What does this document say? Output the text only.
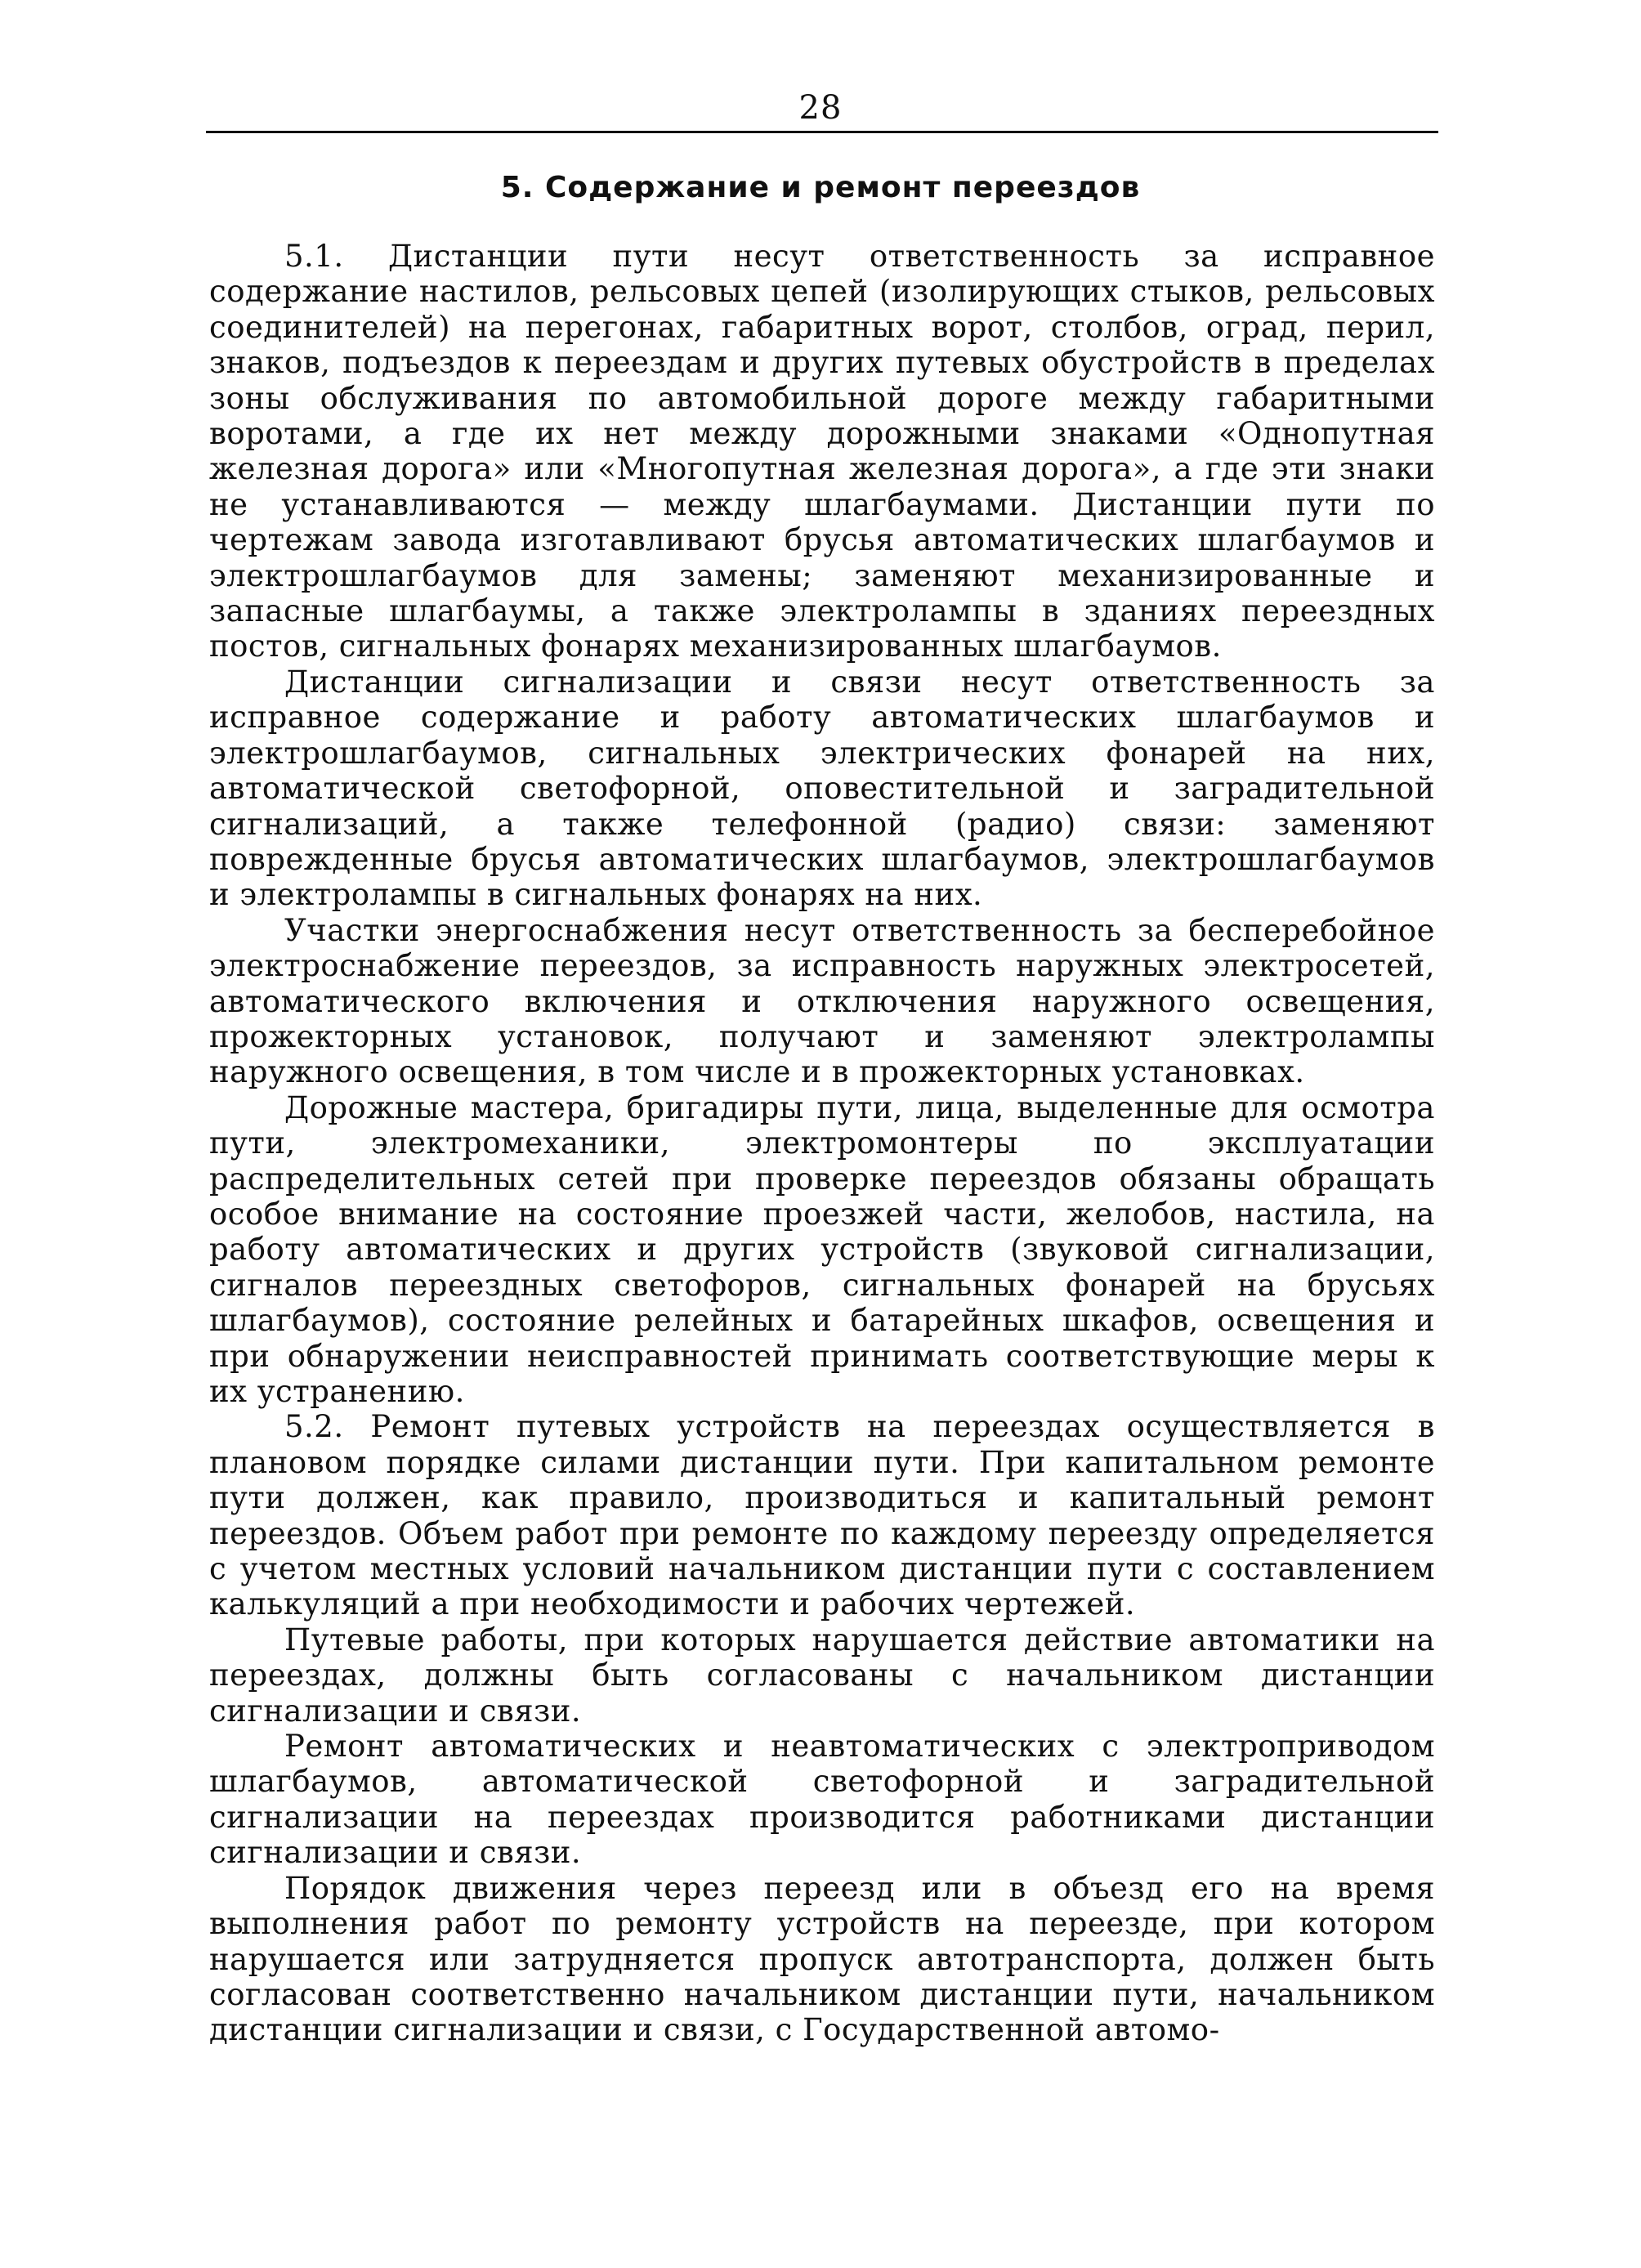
28
5. Содержание и ремонт переездов

5.1. Дистанции пути несут ответственность за исправное содержание настилов, рельсовых цепей (изолирующих стыков, рельсовых соединителей) на перегонах, габаритных ворот, столбов, оград, перил, знаков, подъездов к переездам и других путевых обустройств в пределах зоны обслуживания по автомобильной дороге между габаритными воротами, а где их нет между дорожными знаками «Однопутная железная дорога» или «Многопутная железная дорога», а где эти знаки не устанавливаются — между шлагбаумами. Дистанции пути по чертежам завода изготавливают брусья автоматических шлагбаумов и электрошлагбаумов для замены; заменяют механизированные и запасные шлагбаумы, а также электролампы в зданиях переездных постов, сигнальных фонарях механизированных шлагбаумов.

Дистанции сигнализации и связи несут ответственность за исправное содержание и работу автоматических шлагбаумов и электрошлагбаумов, сигнальных электрических фонарей на них, автоматической светофорной, оповестительной и заградительной сигнализаций, а также телефонной (радио) связи: заменяют поврежденные брусья автоматических шлагбаумов, электрошлагбаумов и электролампы в сигнальных фонарях на них.

Участки энергоснабжения несут ответственность за бесперебойное электроснабжение переездов, за исправность наружных электросетей, автоматического включения и отключения наружного освещения, прожекторных установок, получают и заменяют электролампы наружного освещения, в том числе и в прожекторных установках.

Дорожные мастера, бригадиры пути, лица, выделенные для осмотра пути, электромеханики, электромонтеры по эксплуатации распределительных сетей при проверке переездов обязаны обращать особое внимание на состояние проезжей части, желобов, настила, на работу автоматических и других устройств (звуковой сигнализации, сигналов переездных светофоров, сигнальных фонарей на брусьях шлагбаумов), состояние релейных и батарейных шкафов, освещения и при обнаружении неисправностей принимать соответствующие меры к их устранению.

5.2. Ремонт путевых устройств на переездах осуществляется в плановом порядке силами дистанции пути. При капитальном ремонте пути должен, как правило, производиться и капитальный ремонт переездов. Объем работ при ремонте по каждому переезду определяется с учетом местных условий начальником дистанции пути с составлением калькуляций а при необходимости и рабочих чертежей.

Путевые работы, при которых нарушается действие автоматики на переездах, должны быть согласованы с начальником дистанции сигнализации и связи.

Ремонт автоматических и неавтоматических с электроприводом шлагбаумов, автоматической светофорной и заградительной сигнализации на переездах производится работниками дистанции сигнализации и связи.

Порядок движения через переезд или в объезд его на время выполнения работ по ремонту устройств на переезде, при котором нарушается или затрудняется пропуск автотранспорта, должен быть согласован соответственно начальником дистанции пути, начальником дистанции сигнализации и связи, с Государственной автомо-
